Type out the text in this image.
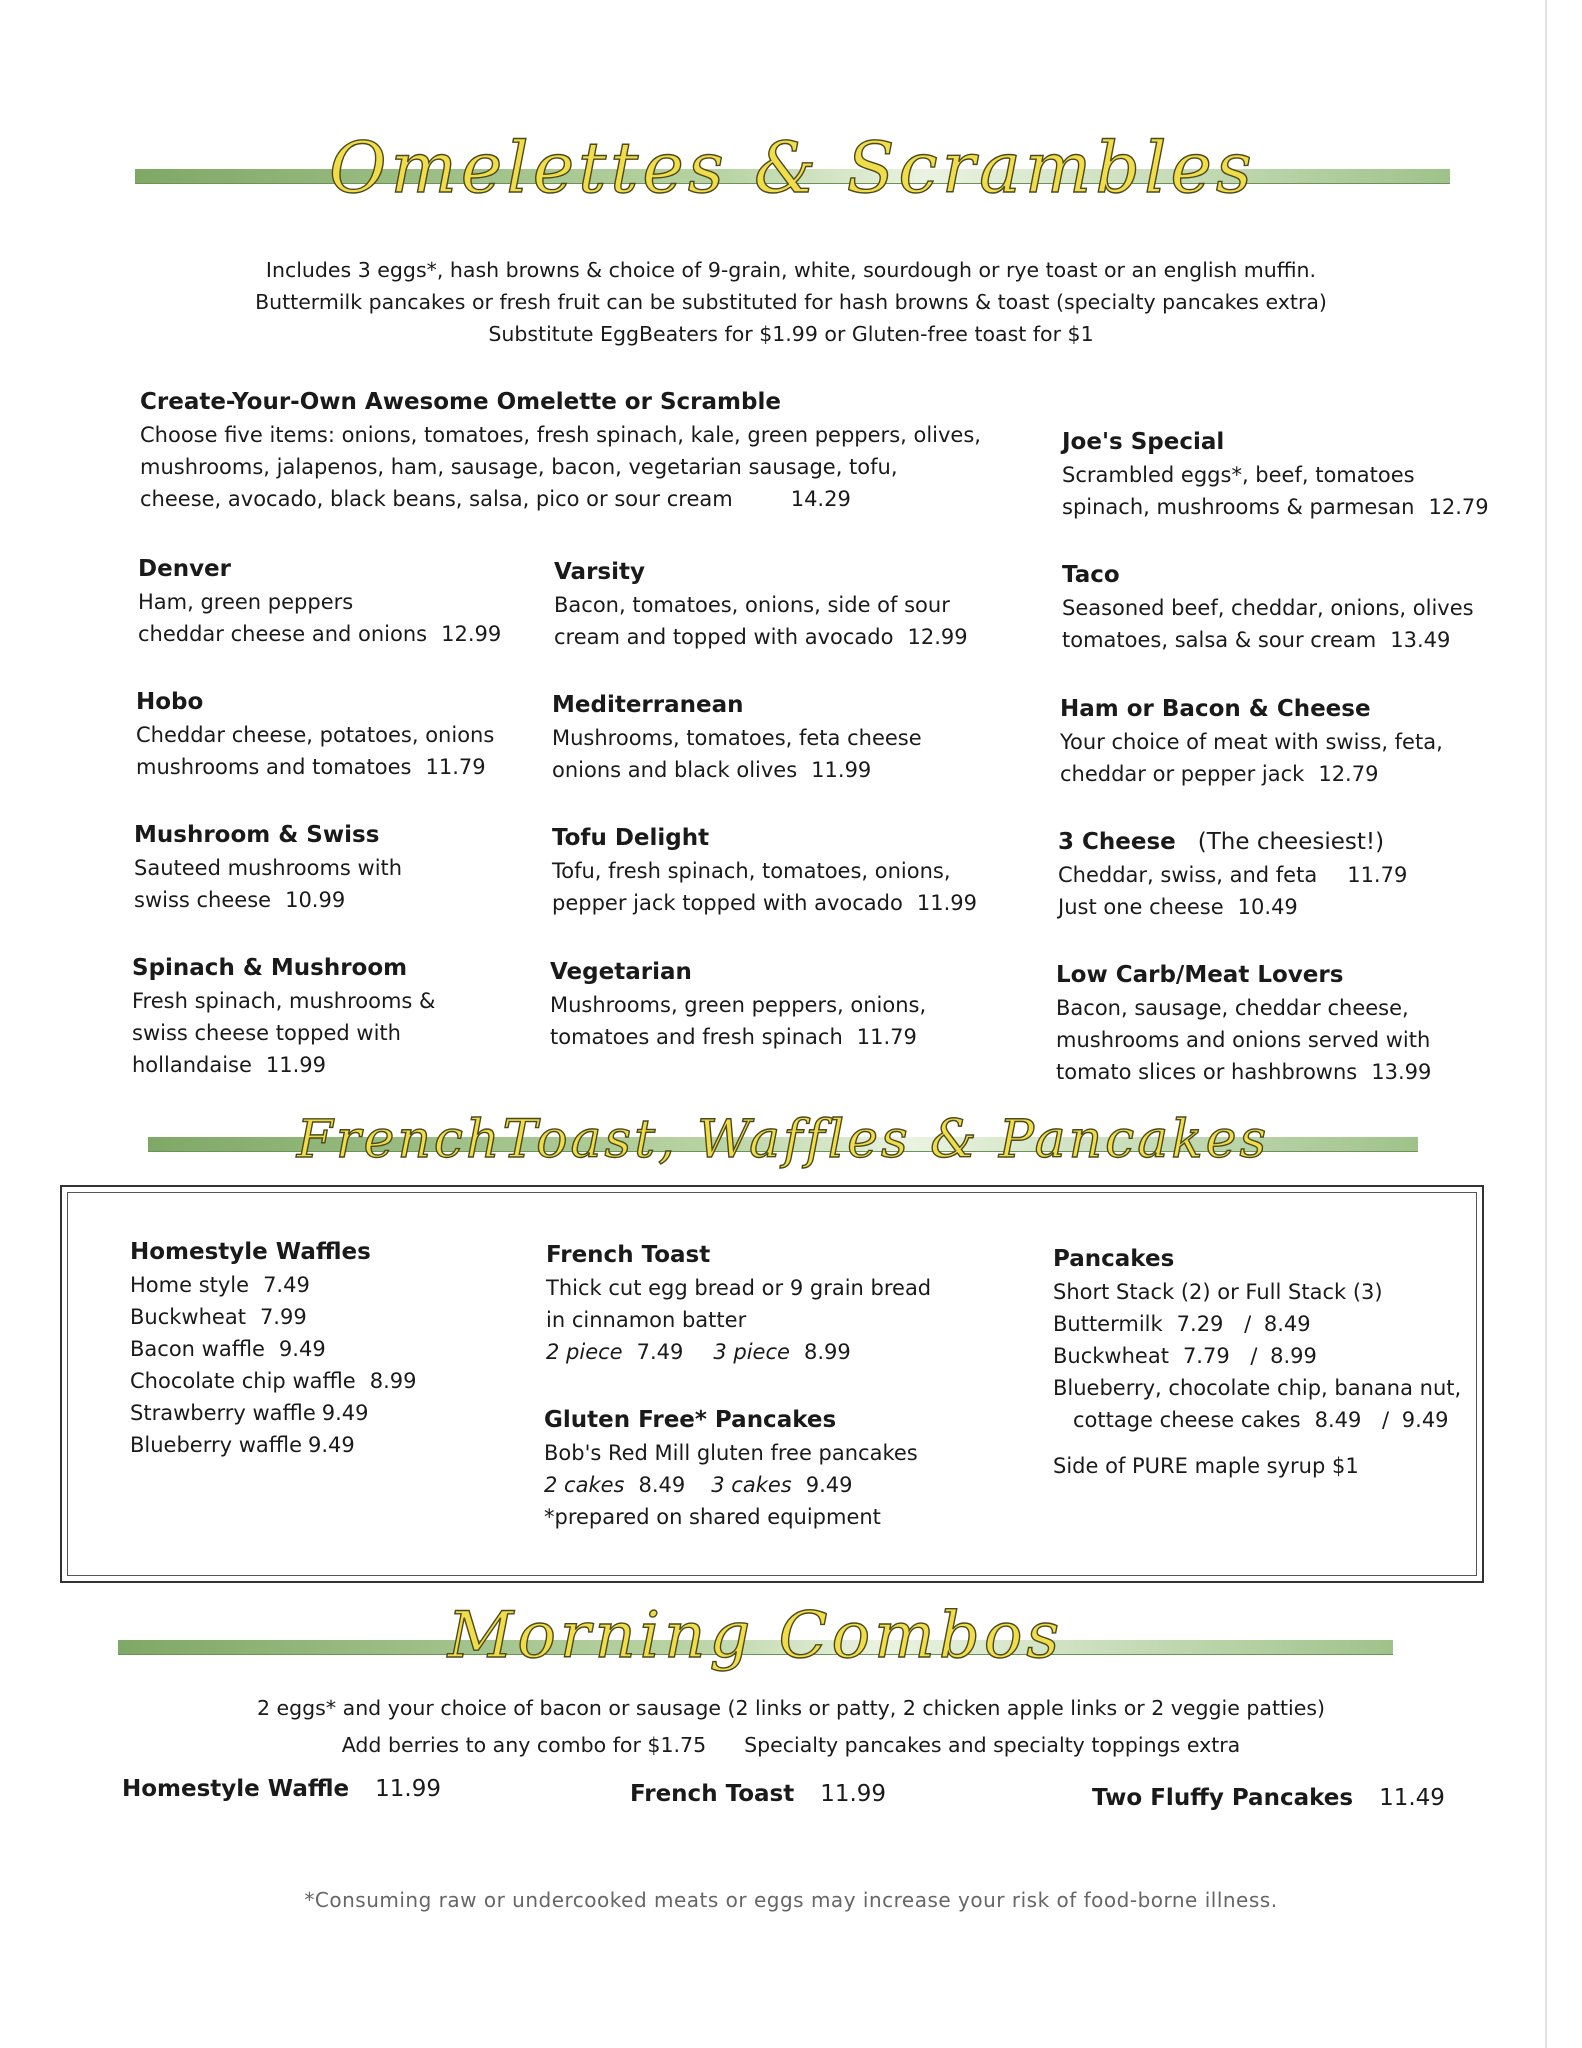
Omelettes & Scrambles
Includes 3 eggs*, hash browns & choice of 9-grain, white, sourdough or rye toast or an english muffin.
Buttermilk pancakes or fresh fruit can be substituted for hash browns & toast (specialty pancakes extra)
Substitute EggBeaters for $1.99 or Gluten-free toast for $1
Create-Your-Own Awesome Omelette or Scramble
Choose five items: onions, tomatoes, fresh spinach, kale, green peppers, olives,
mushrooms, jalapenos, ham, sausage, bacon, vegetarian sausage, tofu,
cheese, avocado, black beans, salsa, pico or sour cream	14.29
Joe's Special
Scrambled eggs*, beef, tomatoes
spinach, mushrooms & parmesan 12.79
Denver
Ham, green peppers
cheddar cheese and onions 12.99
Varsity
Bacon, tomatoes, onions, side of sour
cream and topped with avocado 12.99
Taco
Seasoned beef, cheddar, onions, olives
tomatoes, salsa & sour cream 13.49
Hobo
Cheddar cheese, potatoes, onions
mushrooms and tomatoes 11.79
Mediterranean
Mushrooms, tomatoes, feta cheese
onions and black olives 11.99
Ham or Bacon & Cheese
Your choice of meat with swiss, feta,
cheddar or pepper jack 12.79
Mushroom & Swiss
Sauteed mushrooms with
swiss cheese 10.99
Tofu Delight
Tofu, fresh spinach, tomatoes, onions,
pepper jack topped with avocado 11.99
3 Cheese (The cheesiest!)
Cheddar, swiss, and feta 11.79
Just one cheese 10.49
Spinach & Mushroom
Fresh spinach, mushrooms &
swiss cheese topped with
hollandaise 11.99
Vegetarian
Mushrooms, green peppers, onions,
tomatoes and fresh spinach 11.79
Low Carb/Meat Lovers
Bacon, sausage, cheddar cheese,
mushrooms and onions served with
tomato slices or hashbrowns 13.99
FrenchToast, Waffles & Pancakes
Homestyle Waffles
Home style 7.49
Buckwheat 7.99
Bacon waffle 9.49
Chocolate chip waffle 8.99
Strawberry waffle 9.49
Blueberry waffle 9.49
French Toast
Thick cut egg bread or 9 grain bread
in cinnamon batter
2 piece 7.49 3 piece 8.99
Gluten Free* Pancakes
Bob's Red Mill gluten free pancakes
2 cakes 8.49 3 cakes 9.49
*prepared on shared equipment
Pancakes
Short Stack (2) or Full Stack (3)
Buttermilk 7.29 / 8.49
Buckwheat 7.79 / 8.99
Blueberry, chocolate chip, banana nut,
cottage cheese cakes 8.49 / 9.49
Side of PURE maple syrup $1
Morning Combos
2 eggs* and your choice of bacon or sausage (2 links or patty, 2 chicken apple links or 2 veggie patties)
Add berries to any combo for $1.75 Specialty pancakes and specialty toppings extra
Homestyle Waffle 11.99	French Toast 11.99	Two Fluffy Pancakes 11.49
*Consuming raw or undercooked meats or eggs may increase your risk of food-borne illness.
